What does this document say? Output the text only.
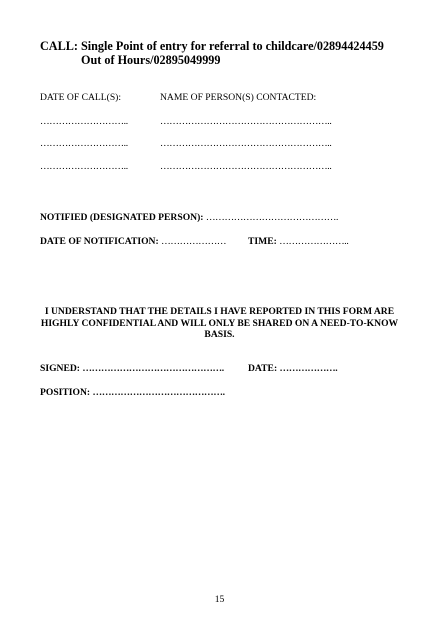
CALL: Single Point of entry for referral to childcare/02894424459
Out of Hours/02895049999
DATE OF CALL(S):	NAME OF PERSON(S) CONTACTED:
………………………..	………………………………………………..
………………………..	………………………………………………..
………………………..	………………………………………………..
NOTIFIED (DESIGNATED PERSON): …………………………………….
DATE OF NOTIFICATION: ………………… TIME: …………………..
I UNDERSTAND THAT THE DETAILS I HAVE REPORTED IN THIS FORM ARE HIGHLY CONFIDENTIAL AND WILL ONLY BE SHARED ON A NEED-TO-KNOW BASIS.
SIGNED: ……………………………………….	DATE: ……………….
POSITION: …………………………………….
15
